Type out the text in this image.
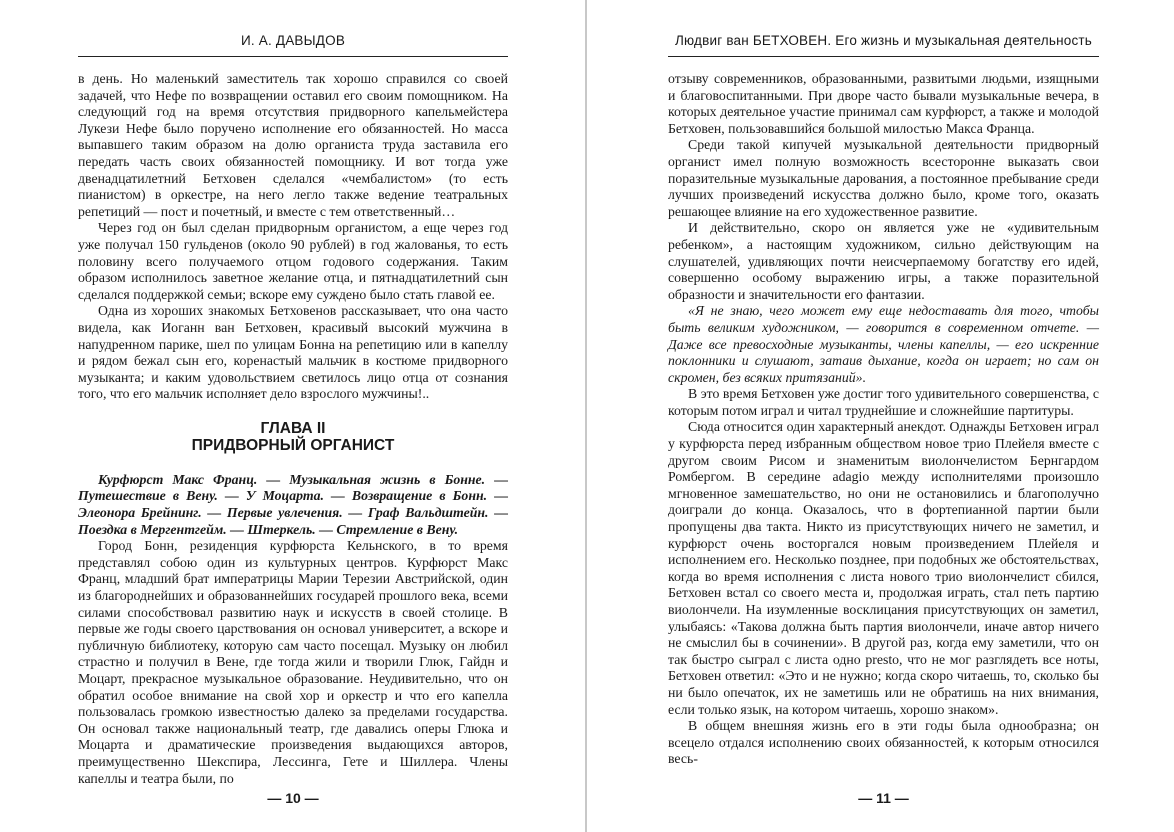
И. А. ДАВЫДОВ

в день. Но маленький заместитель так хорошо справился со своей задачей, что Нефе по возвращении оставил его своим помощником. На следующий год на время отсутствия придворного капельмейстера Лукези Нефе было поручено исполнение его обязанностей. Но масса выпавшего таким образом на долю органиста труда заставила его передать часть своих обязанностей помощнику. И вот тогда уже двенадцатилетний Бетховен сделался «чембалистом» (то есть пианистом) в оркестре, на него легло также ведение театральных репетиций — пост и почетный, и вместе с тем ответственный…

Через год он был сделан придворным органистом, а еще через год уже получал 150 гульденов (около 90 рублей) в год жалованья, то есть половину всего получаемого отцом годового содержания. Таким образом исполнилось заветное желание отца, и пятнадцатилетний сын сделался поддержкой семьи; вскоре ему суждено было стать главой ее.

Одна из хороших знакомых Бетховенов рассказывает, что она часто видела, как Иоганн ван Бетховен, красивый высокий мужчина в напудренном парике, шел по улицам Бонна на репетицию или в капеллу и рядом бежал сын его, коренастый мальчик в костюме придворного музыканта; и каким удовольствием светилось лицо отца от сознания того, что его мальчик исполняет дело взрослого мужчины!..

ГЛАВА II
ПРИДВОРНЫЙ ОРГАНИСТ

Курфюрст Макс Франц. — Музыкальная жизнь в Бонне. — Путешествие в Вену. — У Моцарта. — Возвращение в Бонн. — Элеонора Брейнинг. — Первые увлечения. — Граф Вальдштейн. — Поездка в Мергентгейм. — Штеркель. — Стремление в Вену.

Город Бонн, резиденция курфюрста Кельнского, в то время представлял собою один из культурных центров. Курфюрст Макс Франц, младший брат императрицы Марии Терезии Австрийской, один из благороднейших и образованнейших государей прошлого века, всеми силами способствовал развитию наук и искусств в своей столице. В первые же годы своего царствования он основал университет, а вскоре и публичную библиотеку, которую сам часто посещал. Музыку он любил страстно и получил в Вене, где тогда жили и творили Глюк, Гайдн и Моцарт, прекрасное музыкальное образование. Неудивительно, что он обратил особое внимание на свой хор и оркестр и что его капелла пользовалась громкою известностью далеко за пределами государства. Он основал также национальный театр, где давались оперы Глюка и Моцарта и драматические произведения выдающихся авторов, преимущественно Шекспира, Лессинга, Гете и Шиллера. Члены капеллы и театра были, по

— 10 —
Людвиг ван БЕТХОВЕН. Его жизнь и музыкальная деятельность

отзыву современников, образованными, развитыми людьми, изящными и благовоспитанными. При дворе часто бывали музыкальные вечера, в которых деятельное участие принимал сам курфюрст, а также и молодой Бетховен, пользовавшийся большой милостью Макса Франца.

Среди такой кипучей музыкальной деятельности придворный органист имел полную возможность всесторонне выказать свои поразительные музыкальные дарования, а постоянное пребывание среди лучших произведений искусства должно было, кроме того, оказать решающее влияние на его художественное развитие.

И действительно, скоро он является уже не «удивительным ребенком», а настоящим художником, сильно действующим на слушателей, удивляющих почти неисчерпаемому богатству его идей, совершенно особому выражению игры, а также поразительной образности и значительности его фантазии.

«Я не знаю, чего может ему еще недоставать для того, чтобы быть великим художником, — говорится в современном отчете. — Даже все превосходные музыканты, члены капеллы, — его искренние поклонники и слушают, затаив дыхание, когда он играет; но сам он скромен, без всяких притязаний».

В это время Бетховен уже достиг того удивительного совершенства, с которым потом играл и читал труднейшие и сложнейшие партитуры.

Сюда относится один характерный анекдот. Однажды Бетховен играл у курфюрста перед избранным обществом новое трио Плейеля вместе с другом своим Рисом и знаменитым виолончелистом Бернгардом Ромбергом. В середине adagio между исполнителями произошло мгновенное замешательство, но они не остановились и благополучно доиграли до конца. Оказалось, что в фортепианной партии были пропущены два такта. Никто из присутствующих ничего не заметил, и курфюрст очень восторгался новым произведением Плейеля и исполнением его. Несколько позднее, при подобных же обстоятельствах, когда во время исполнения с листа нового трио виолончелист сбился, Бетховен встал со своего места и, продолжая играть, стал петь партию виолончели. На изумленные восклицания присутствующих он заметил, улыбаясь: «Такова должна быть партия виолончели, иначе автор ничего не смыслил бы в сочинении». В другой раз, когда ему заметили, что он так быстро сыграл с листа одно presto, что не мог разглядеть все ноты, Бетховен ответил: «Это и не нужно; когда скоро читаешь, то, сколько бы ни было опечаток, их не заметишь или не обратишь на них внимания, если только язык, на котором читаешь, хорошо знаком».

В общем внешняя жизнь его в эти годы была однообразна; он всецело отдался исполнению своих обязанностей, к которым относился весь-

— 11 —
